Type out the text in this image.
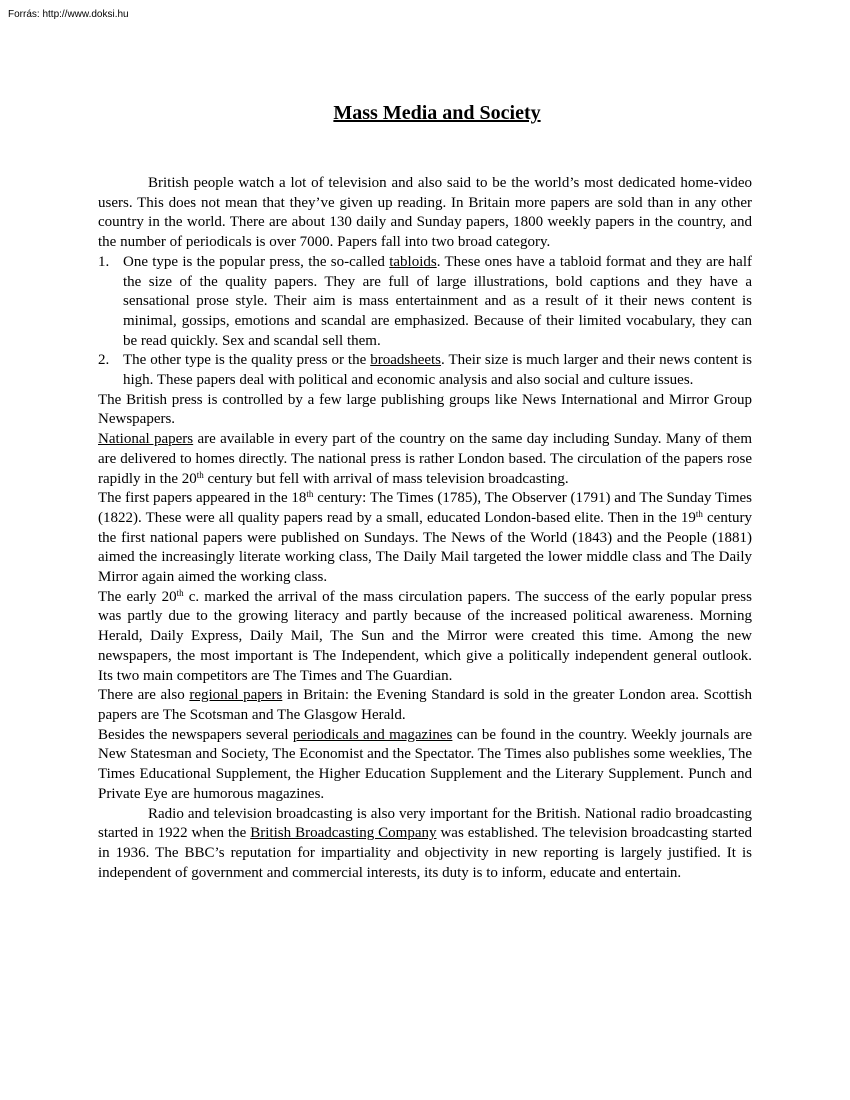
Forrás: http://www.doksi.hu
Mass Media and Society

British people watch a lot of television and also said to be the world’s most dedicated home-video users. This does not mean that they’ve given up reading. In Britain more papers are sold than in any other country in the world. There are about 130 daily and Sunday papers, 1800 weekly papers in the country, and the number of periodicals is over 7000. Papers fall into two broad category.

1. One type is the popular press, the so-called tabloids. These ones have a tabloid format and they are half the size of the quality papers. They are full of large illustrations, bold captions and they have a sensational prose style. Their aim is mass entertainment and as a result of it their news content is minimal, gossips, emotions and scandal are emphasized. Because of their limited vocabulary, they can be read quickly. Sex and scandal sell them.
2. The other type is the quality press or the broadsheets. Their size is much larger and their news content is high. These papers deal with political and economic analysis and also social and culture issues.

The British press is controlled by a few large publishing groups like News International and Mirror Group Newspapers.

National papers are available in every part of the country on the same day including Sunday. Many of them are delivered to homes directly. The national press is rather London based. The circulation of the papers rose rapidly in the 20th century but fell with arrival of mass television broadcasting.

The first papers appeared in the 18th century: The Times (1785), The Observer (1791) and The Sunday Times (1822). These were all quality papers read by a small, educated London-based elite. Then in the 19th century the first national papers were published on Sundays. The News of the World (1843) and the People (1881) aimed the increasingly literate working class, The Daily Mail targeted the lower middle class and The Daily Mirror again aimed the working class.

The early 20th c. marked the arrival of the mass circulation papers. The success of the early popular press was partly due to the growing literacy and partly because of the increased political awareness. Morning Herald, Daily Express, Daily Mail, The Sun and the Mirror were created this time. Among the new newspapers, the most important is The Independent, which give a politically independent general outlook. Its two main competitors are The Times and The Guardian.

There are also regional papers in Britain: the Evening Standard is sold in the greater London area. Scottish papers are The Scotsman and The Glasgow Herald.

Besides the newspapers several periodicals and magazines can be found in the country. Weekly journals are New Statesman and Society, The Economist and the Spectator. The Times also publishes some weeklies, The Times Educational Supplement, the Higher Education Supplement and the Literary Supplement. Punch and Private Eye are humorous magazines.

Radio and television broadcasting is also very important for the British. National radio broadcasting started in 1922 when the British Broadcasting Company was established. The television broadcasting started in 1936. The BBC’s reputation for impartiality and objectivity in new reporting is largely justified. It is independent of government and commercial interests, its duty is to inform, educate and entertain.
